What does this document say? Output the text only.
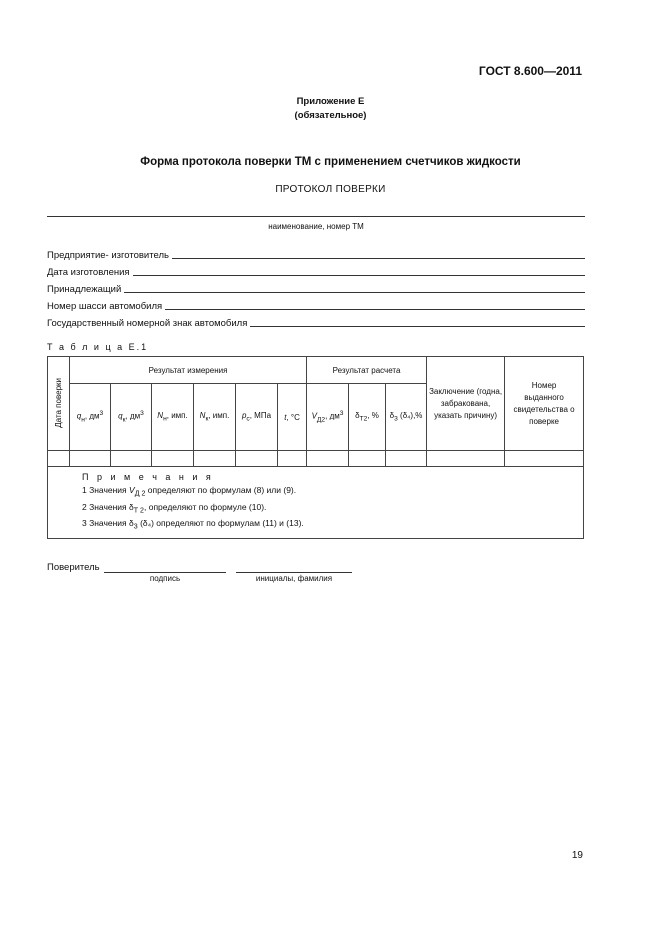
ГОСТ 8.600—2011
Приложение Е
(обязательное)
Форма протокола поверки ТМ с применением счетчиков жидкости
ПРОТОКОЛ ПОВЕРКИ
наименование, номер ТМ
Предприятие- изготовитель
Дата изготовления
Принадлежащий
Номер шасси автомобиля
Государственный номерной знак автомобиля
Т а б л и ц а Е.1
Дата поверки	Результат измерения						Результат расчета			Заключение (годна, забракована, указать причину)	Номер выданного свидетельства о поверке
	$q_н$, $дм^3$	$q_к$, $дм^3$	$N_н$, имп.	$N_к$, имп.	$p_с$, МПа	t, °С	$V_{Д2}$, $дм^3$	$\delta_{Т2}$, %	$\delta_3$ (δ₄),%		

П р и м е ч а н и я
1 Значения $V_{Д 2}$ определяют по формулам (8) или (9).
2 Значения $\delta_{Т 2}$, определяют по формуле (10).
3 Значения $\delta_3$ (δ₄) определяют по формулам (11) и (13).											
Поверитель
подпись	инициалы, фамилия
19
